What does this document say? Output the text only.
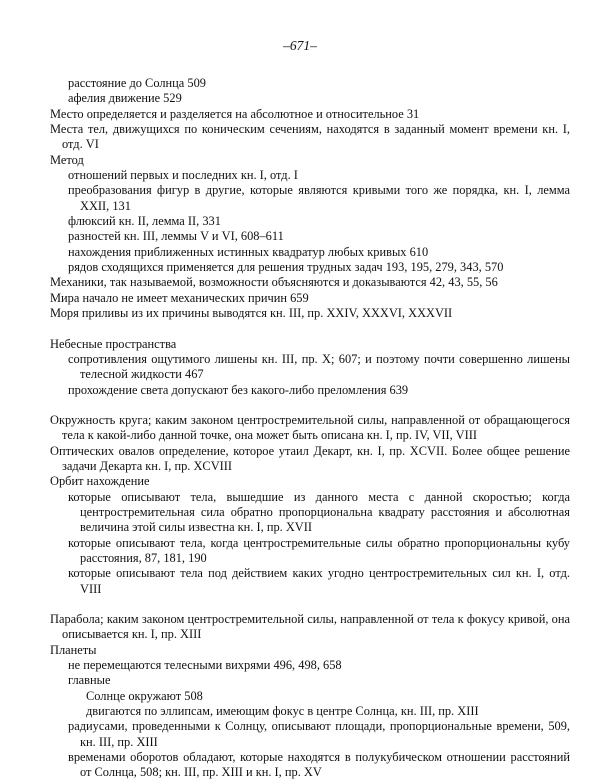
–671–
расстояние до Солнца 509
афелия движение 529
Место определяется и разделяется на абсолютное и относительное 31
Места тел, движущихся по коническим сечениям, находятся в заданный момент времени кн. I, отд. VI
Метод
отношений первых и последних кн. I, отд. I
преобразования фигур в другие, которые являются кривыми того же порядка, кн. I, лемма XXII, 131
флюксий кн. II, лемма II, 331
разностей кн. III, леммы V и VI, 608–611
нахождения приближенных истинных квадратур любых кривых 610
рядов сходящихся применяется для решения трудных задач 193, 195, 279, 343, 570
Механики, так называемой, возможности объясняются и доказываются 42, 43, 55, 56
Мира начало не имеет механических причин 659
Моря приливы из их причины выводятся кн. III, пр. XXIV, XXXVI, XXXVII
Небесные пространства
сопротивления ощутимого лишены кн. III, пр. X; 607; и поэтому почти совершенно лишены телесной жидкости 467
прохождение света допускают без какого-либо преломления 639
Окружность круга; каким законом центростремительной силы, направленной от обращающегося тела к какой-либо данной точке, она может быть описана кн. I, пр. IV, VII, VIII
Оптических овалов определение, которое утаил Декарт, кн. I, пр. XCVII. Более общее решение задачи Декарта кн. I, пр. XCVIII
Орбит нахождение
которые описывают тела, вышедшие из данного места с данной скоростью; когда центростремительная сила обратно пропорциональна квадрату расстояния и абсолютная величина этой силы известна кн. I, пр. XVII
которые описывают тела, когда центростремительные силы обратно пропорциональны кубу расстояния, 87, 181, 190
которые описывают тела под действием каких угодно центростремительных сил кн. I, отд. VIII
Парабола; каким законом центростремительной силы, направленной от тела к фокусу кривой, она описывается кн. I, пр. XIII
Планеты
не перемещаются телесными вихрями 496, 498, 658
главные
Солнце окружают 508
двигаются по эллипсам, имеющим фокус в центре Солнца, кн. III, пр. XIII
радиусами, проведенными к Солнцу, описывают площади, пропорциональные времени, 509, кн. III, пр. XIII
временами оборотов обладают, которые находятся в полукубическом отношении расстояний от Солнца, 508; кн. III, пр. XIII и кн. I, пр. XV
